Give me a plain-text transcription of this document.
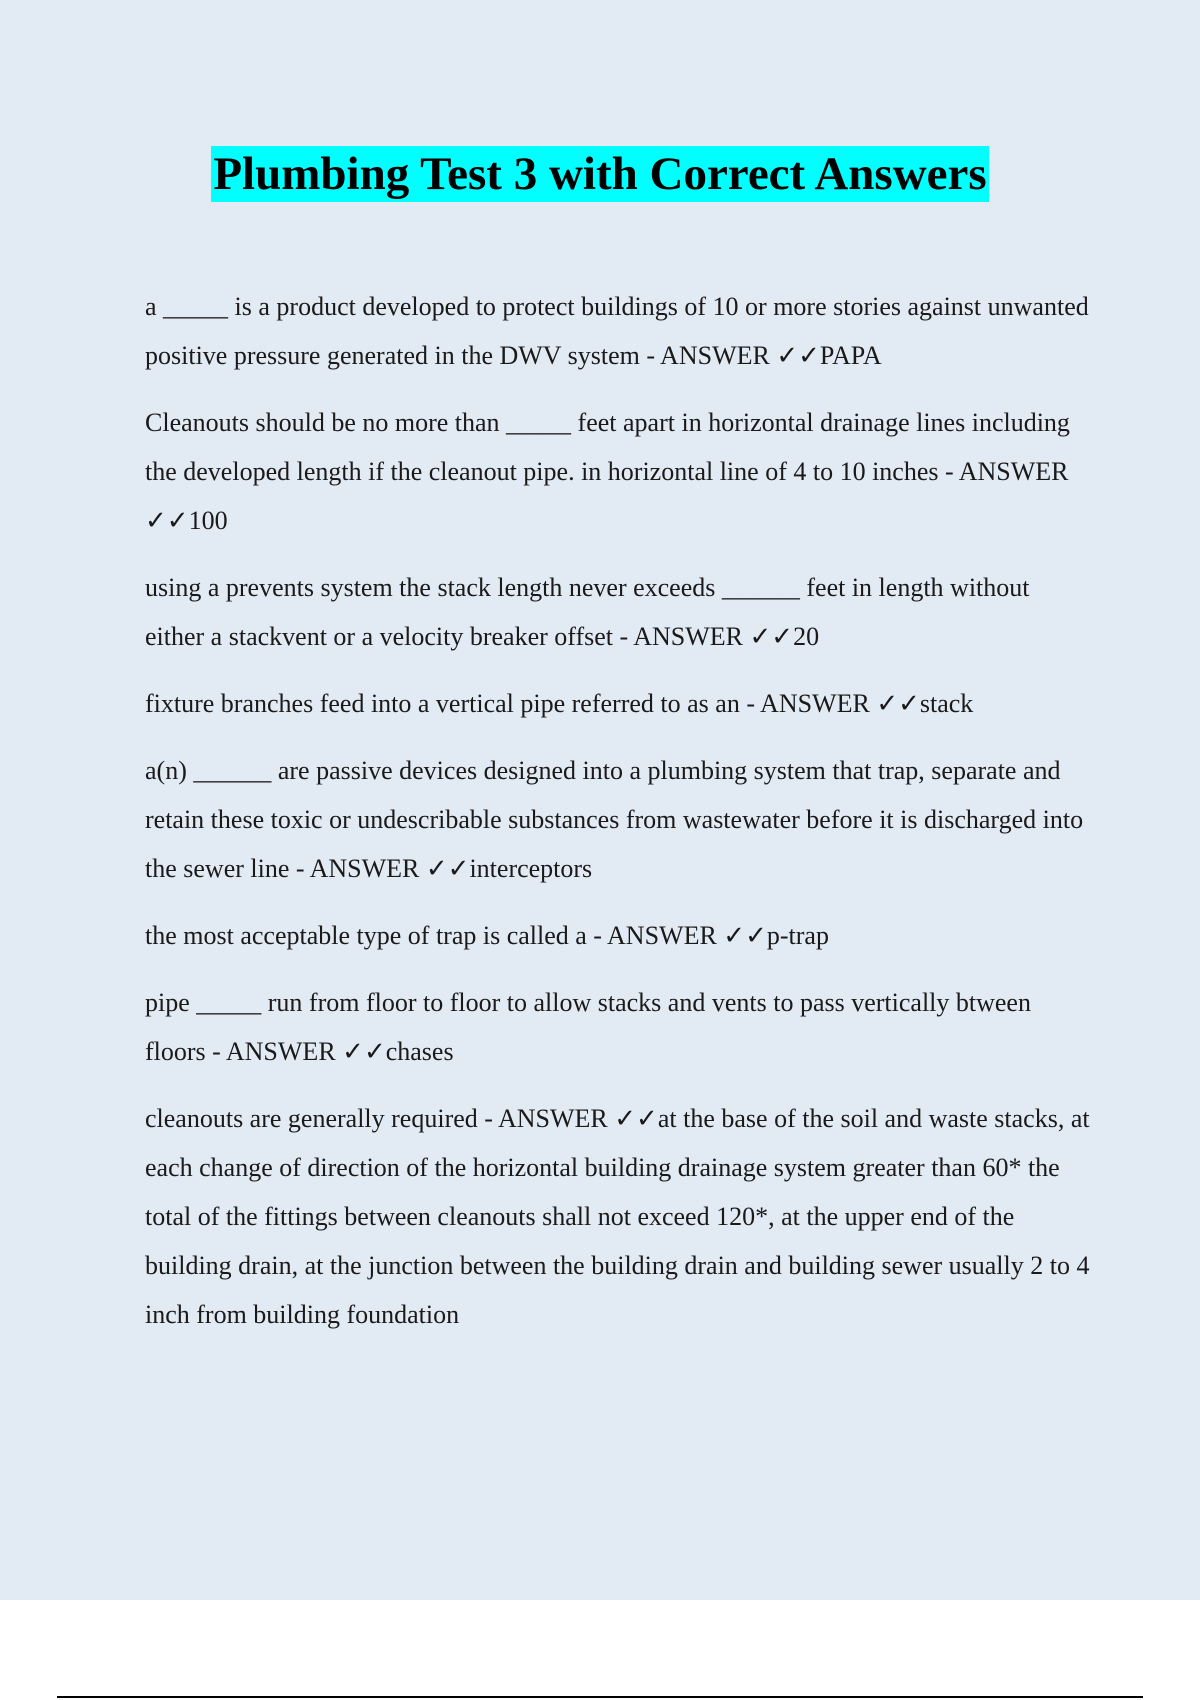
Plumbing Test 3 with Correct Answers

a _____ is a product developed to protect buildings of 10 or more stories against unwanted positive pressure generated in the DWV system - ANSWER ✓✓PAPA

Cleanouts should be no more than _____ feet apart in horizontal drainage lines including the developed length if the cleanout pipe. in horizontal line of 4 to 10 inches - ANSWER ✓✓100

using a prevents system the stack length never exceeds ______ feet in length without either a stackvent or a velocity breaker offset - ANSWER ✓✓20

fixture branches feed into a vertical pipe referred to as an - ANSWER ✓✓stack

a(n) ______ are passive devices designed into a plumbing system that trap, separate and retain these toxic or undescribable substances from wastewater before it is discharged into the sewer line - ANSWER ✓✓interceptors

the most acceptable type of trap is called a - ANSWER ✓✓p-trap

pipe _____ run from floor to floor to allow stacks and vents to pass vertically btween floors - ANSWER ✓✓chases

cleanouts are generally required - ANSWER ✓✓at the base of the soil and waste stacks, at each change of direction of the horizontal building drainage system greater than 60* the total of the fittings between cleanouts shall not exceed 120*, at the upper end of the building drain, at the junction between the building drain and building sewer usually 2 to 4 inch from building foundation
